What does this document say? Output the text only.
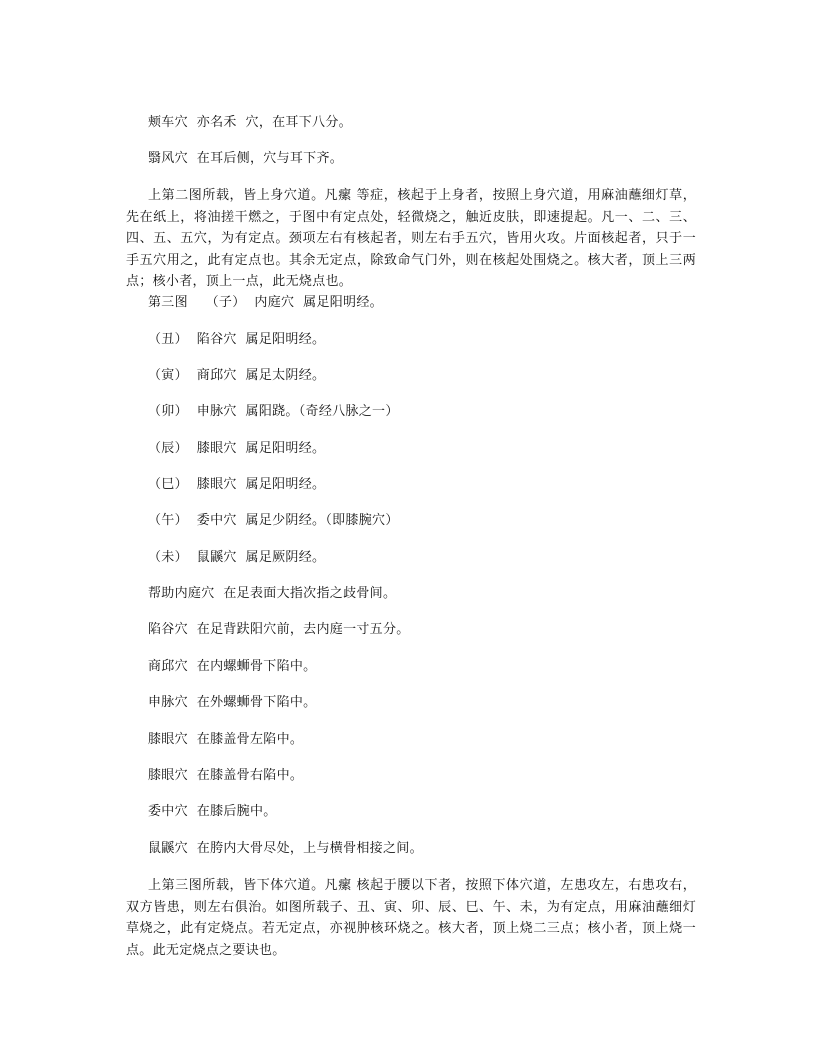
颊车穴  亦名禾  穴，在耳下八分。
翳风穴  在耳后侧，穴与耳下齐。
上第二图所载，皆上身穴道。凡瘰 等症，核起于上身者，按照上身穴道，用麻油蘸细灯草，先在纸上，将油搓干燃之，于图中有定点处，轻微烧之，触近皮肤，即速提起。凡一、二、三、四、五、五穴，为有定点。颈项左右有核起者，则左右手五穴，皆用火攻。片面核起者，只于一手五穴用之，此有定点也。其余无定点，除致命气门外，则在核起处围烧之。核大者，顶上三两点；核小者，顶上一点，此无烧点也。
第三图    （子）  内庭穴  属足阳明经。
（丑）  陷谷穴  属足阳明经。
（寅）  商邱穴  属足太阴经。
（卯）  申脉穴  属阳跷。（奇经八脉之一）
（辰）  膝眼穴  属足阳明经。
（巳）  膝眼穴  属足阳明经。
（午）  委中穴  属足少阴经。（即膝腕穴）
（未）  鼠鼷穴  属足厥阴经。
帮助内庭穴  在足表面大指次指之歧骨间。
陷谷穴  在足背趺阳穴前，去内庭一寸五分。
商邱穴  在内螺蛳骨下陷中。
申脉穴  在外螺蛳骨下陷中。
膝眼穴  在膝盖骨左陷中。
膝眼穴  在膝盖骨右陷中。
委中穴  在膝后腕中。
鼠鼷穴  在胯内大骨尽处，上与横骨相接之间。
上第三图所载，皆下体穴道。凡瘰 核起于腰以下者，按照下体穴道，左患攻左，右患攻右，双方皆患，则左右俱治。如图所载子、丑、寅、卯、辰、巳、午、未，为有定点，用麻油蘸细灯草烧之，此有定烧点。若无定点，亦视肿核环烧之。核大者，顶上烧二三点；核小者，顶上烧一点。此无定烧点之要诀也。
